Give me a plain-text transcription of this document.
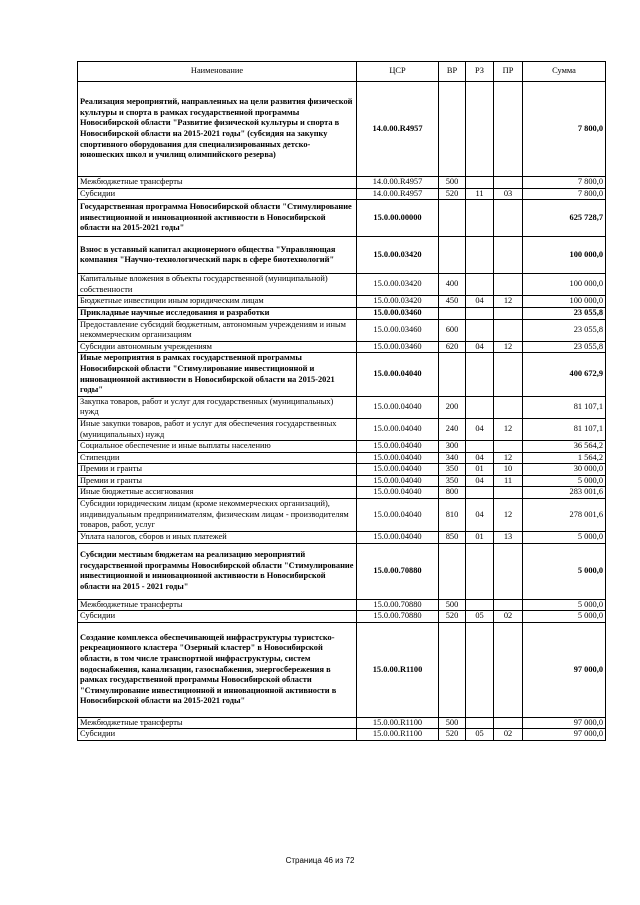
Наименование	ЦСР	ВР	РЗ	ПР	Сумма
Реализация мероприятий, направленных на цели развития физической культуры и спорта в рамках государственной программы Новосибирской области "Развитие физической культуры и спорта в Новосибирской области на 2015-2021 годы" (субсидия на закупку спортивного оборудования для специализированных детско-юношеских школ и училищ олимпийского резерва)	14.0.00.R4957				7 800,0
Межбюджетные трансферты	14.0.00.R4957	500			7 800,0
Субсидии	14.0.00.R4957	520	11	03	7 800,0
Государственная программа Новосибирской области "Стимулирование инвестиционной и инновационной активности в Новосибирской области на 2015-2021 годы"	15.0.00.00000				625 728,7
Взнос в уставный капитал акционерного общества "Управляющая компания "Научно-технологический парк в сфере биотехнологий"	15.0.00.03420				100 000,0
Капитальные вложения в объекты государственной (муниципальной) собственности	15.0.00.03420	400			100 000,0
Бюджетные инвестиции иным юридическим лицам	15.0.00.03420	450	04	12	100 000,0
Прикладные научные исследования и разработки	15.0.00.03460				23 055,8
Предоставление субсидий бюджетным, автономным учреждениям и иным некоммерческим организациям	15.0.00.03460	600			23 055,8
Субсидии автономным учреждениям	15.0.00.03460	620	04	12	23 055,8
Иные мероприятия в рамках государственной программы Новосибирской области "Стимулирование инвестиционной и инновационной активности в Новосибирской области на 2015-2021 годы"	15.0.00.04040				400 672,9
Закупка товаров, работ и услуг для государственных (муниципальных) нужд	15.0.00.04040	200			81 107,1
Иные закупки товаров, работ и услуг для обеспечения государственных (муниципальных) нужд	15.0.00.04040	240	04	12	81 107,1
Социальное обеспечение и иные выплаты населению	15.0.00.04040	300			36 564,2
Стипендии	15.0.00.04040	340	04	12	1 564,2
Премии и гранты	15.0.00.04040	350	01	10	30 000,0
Премии и гранты	15.0.00.04040	350	04	11	5 000,0
Иные бюджетные ассигнования	15.0.00.04040	800			283 001,6
Субсидии юридическим лицам (кроме некоммерческих организаций), индивидуальным предпринимателям, физическим лицам - производителям товаров, работ, услуг	15.0.00.04040	810	04	12	278 001,6
Уплата налогов, сборов и иных платежей	15.0.00.04040	850	01	13	5 000,0
Субсидии местным бюджетам на реализацию мероприятий государственной программы Новосибирской области "Стимулирование инвестиционной и инновационной активности в Новосибирской области на 2015 - 2021 годы"	15.0.00.70880				5 000,0
Межбюджетные трансферты	15.0.00.70880	500			5 000,0
Субсидии	15.0.00.70880	520	05	02	5 000,0
Создание комплекса обеспечивающей инфраструктуры туристско-рекреационного кластера "Озерный кластер" в Новосибирской области, в том числе транспортной инфраструктуры, систем водоснабжения, канализации, газоснабжения, энергосбережения в рамках государственной программы Новосибирской области "Стимулирование инвестиционной и инновационной активности в Новосибирской области на 2015-2021 годы"	15.0.00.R1100				97 000,0
Межбюджетные трансферты	15.0.00.R1100	500			97 000,0
Субсидии	15.0.00.R1100	520	05	02	97 000,0
Страница 46 из 72
